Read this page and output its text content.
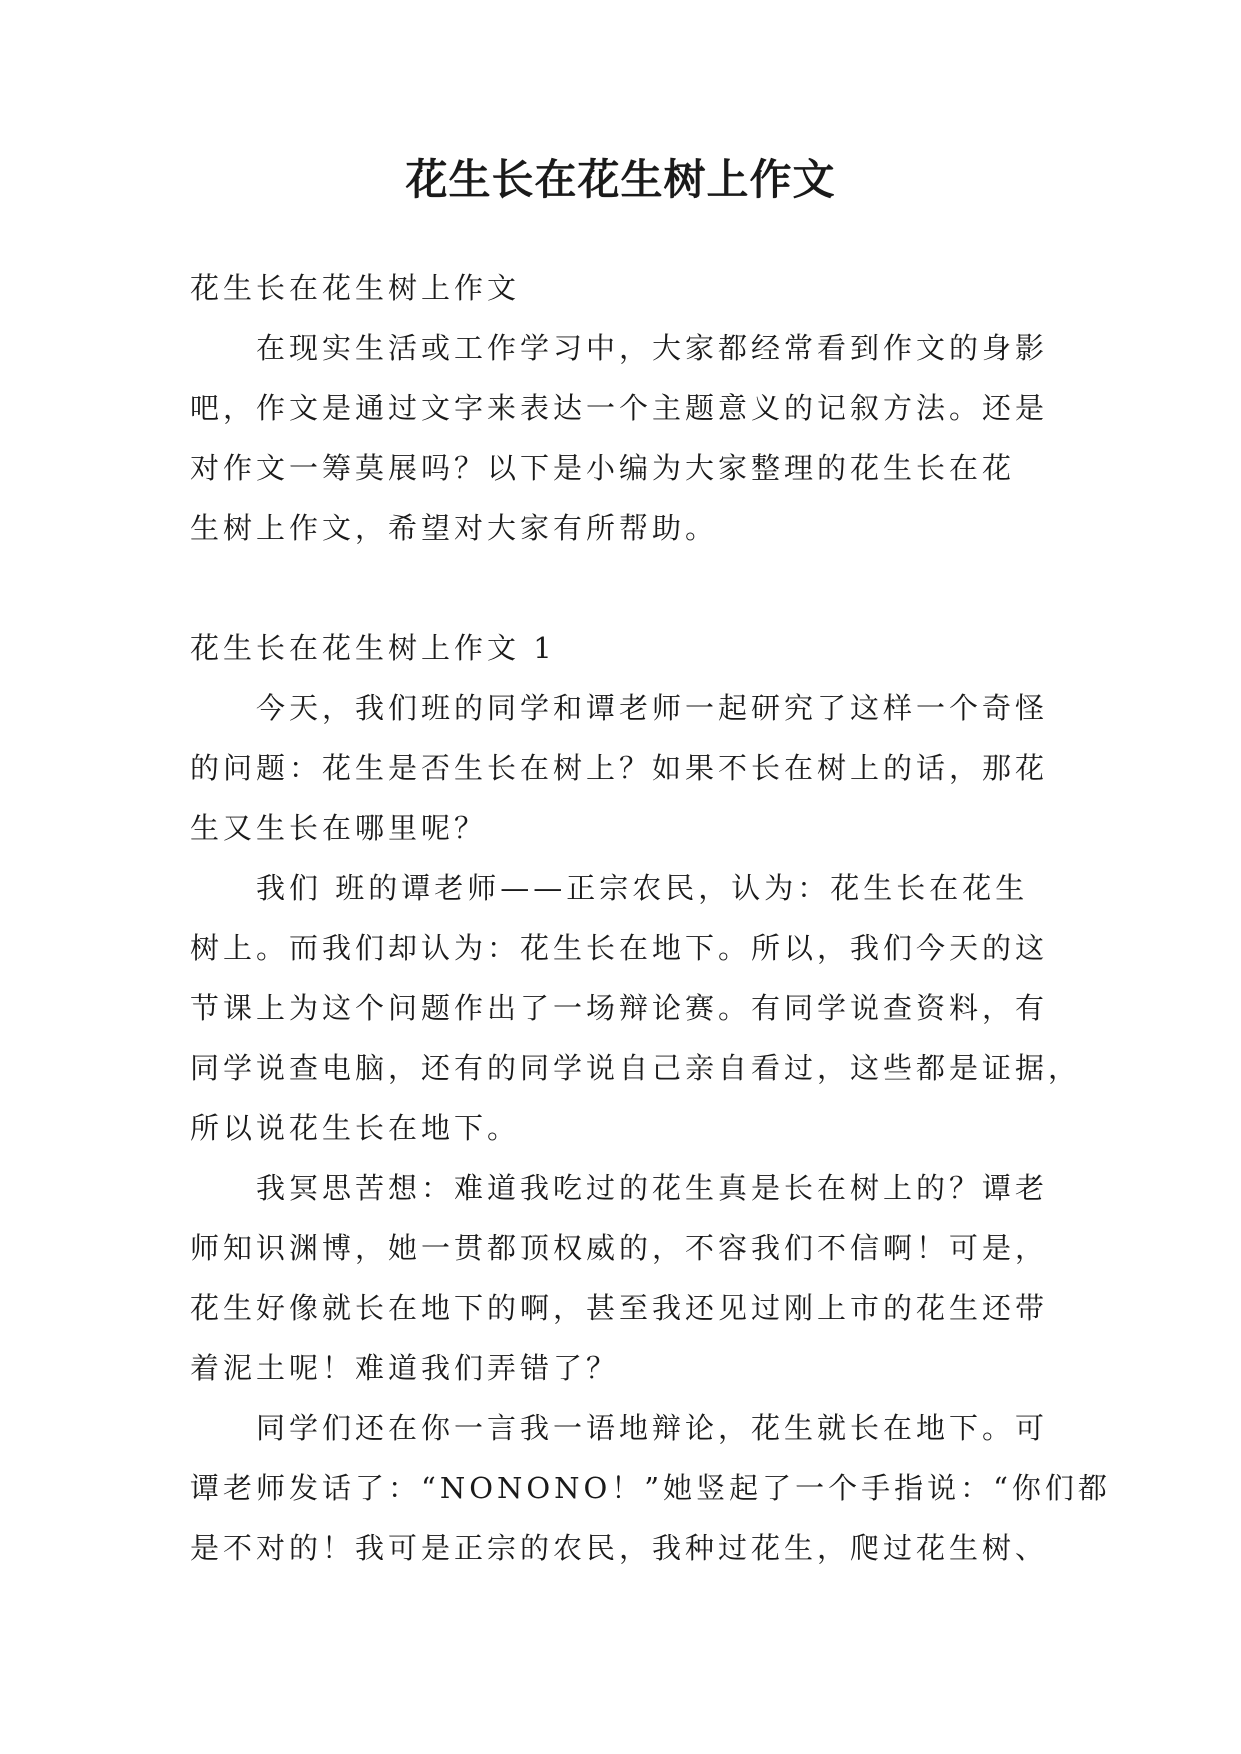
花生长在花生树上作文
花生长在花生树上作文
在现实生活或工作学习中，大家都经常看到作文的身影
吧，作文是通过文字来表达一个主题意义的记叙方法。还是
对作文一筹莫展吗？以下是小编为大家整理的花生长在花
生树上作文，希望对大家有所帮助。
花生长在花生树上作文 1
今天，我们班的同学和谭老师一起研究了这样一个奇怪
的问题：花生是否生长在树上？如果不长在树上的话，那花
生又生长在哪里呢？
我们 班的谭老师——正宗农民，认为：花生长在花生
树上。而我们却认为：花生长在地下。所以，我们今天的这
节课上为这个问题作出了一场辩论赛。有同学说查资料，有
同学说查电脑，还有的同学说自己亲自看过，这些都是证据，
所以说花生长在地下。
我冥思苦想：难道我吃过的花生真是长在树上的？谭老
师知识渊博，她一贯都顶权威的，不容我们不信啊！可是，
花生好像就长在地下的啊，甚至我还见过刚上市的花生还带
着泥土呢！难道我们弄错了？
同学们还在你一言我一语地辩论，花生就长在地下。可
谭老师发话了：“NONONO！”她竖起了一个手指说：“你们都
是不对的！我可是正宗的农民，我种过花生，爬过花生树、
